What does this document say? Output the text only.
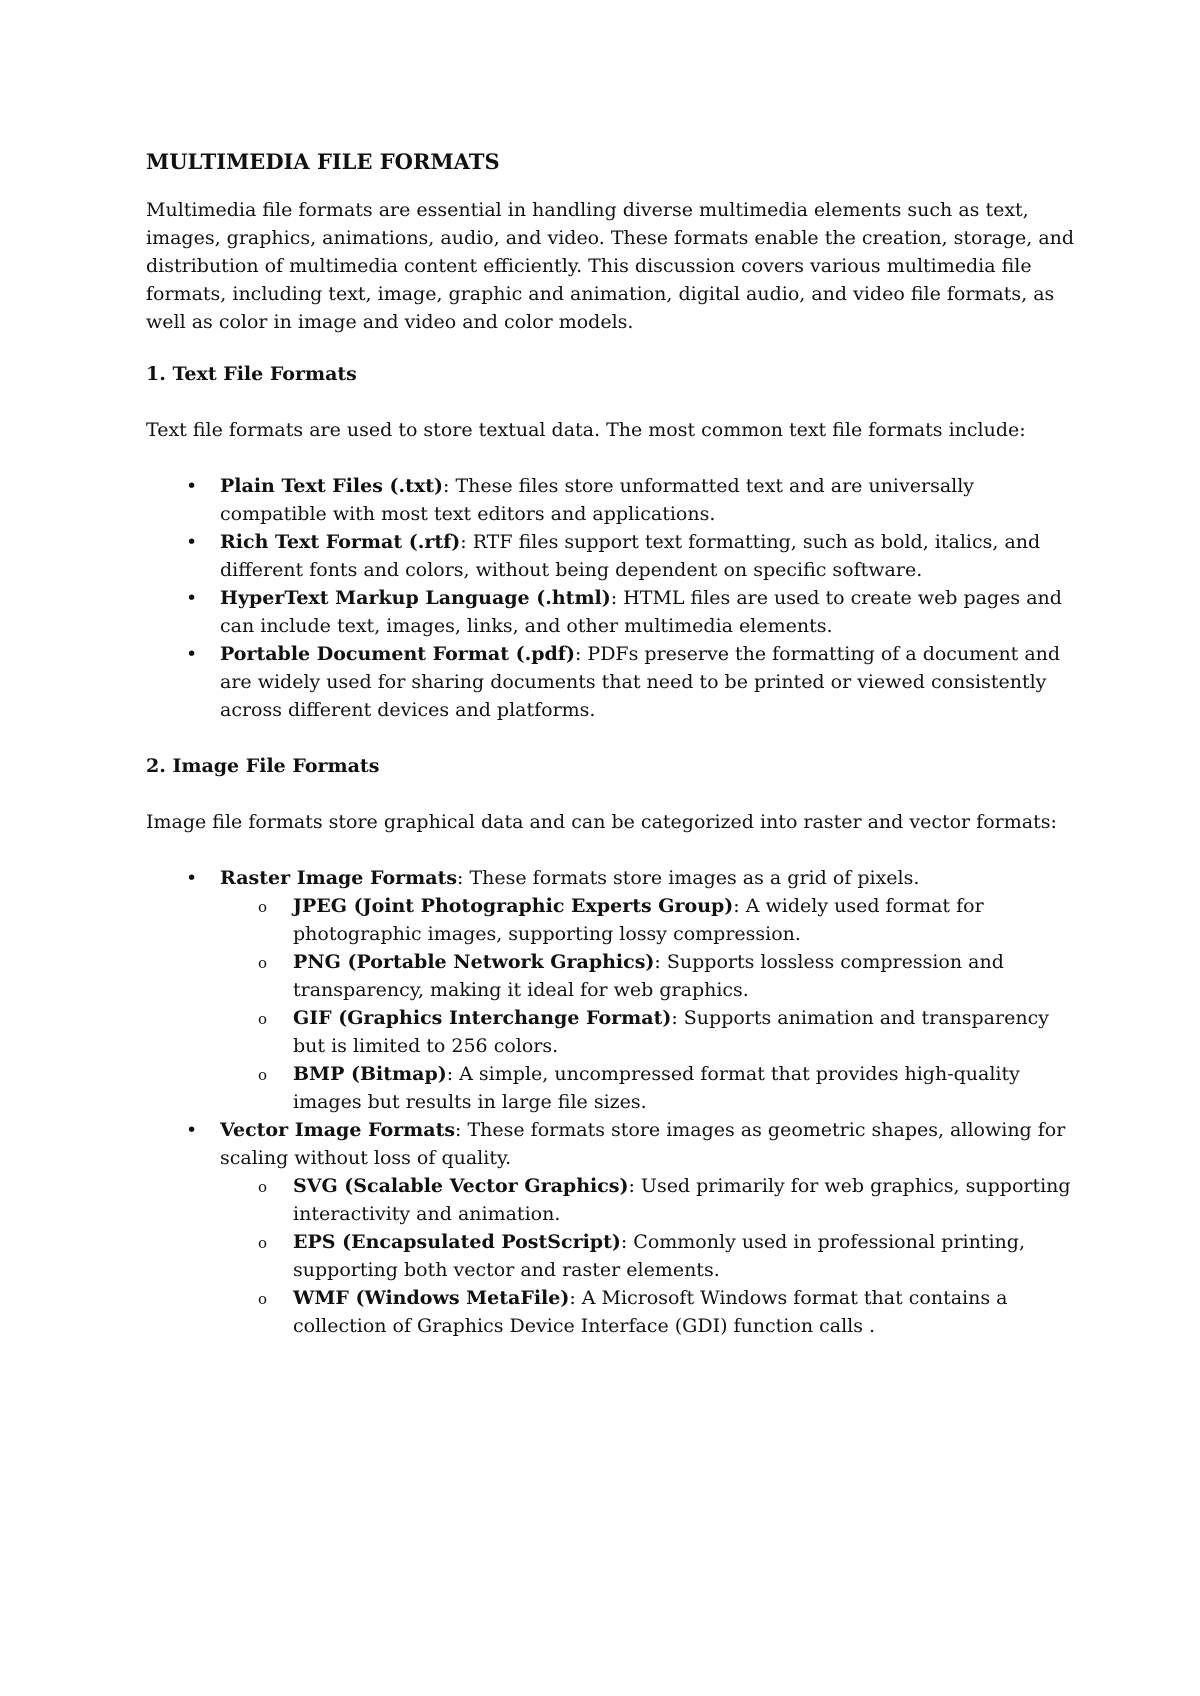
MULTIMEDIA FILE FORMATS

Multimedia file formats are essential in handling diverse multimedia elements such as text, images, graphics, animations, audio, and video. These formats enable the creation, storage, and distribution of multimedia content efficiently. This discussion covers various multimedia file formats, including text, image, graphic and animation, digital audio, and video file formats, as well as color in image and video and color models.

1. Text File Formats

Text file formats are used to store textual data. The most common text file formats include:

• Plain Text Files (.txt): These files store unformatted text and are universally compatible with most text editors and applications.
• Rich Text Format (.rtf): RTF files support text formatting, such as bold, italics, and different fonts and colors, without being dependent on specific software.
• HyperText Markup Language (.html): HTML files are used to create web pages and can include text, images, links, and other multimedia elements.
• Portable Document Format (.pdf): PDFs preserve the formatting of a document and are widely used for sharing documents that need to be printed or viewed consistently across different devices and platforms.
2. Image File Formats

Image file formats store graphical data and can be categorized into raster and vector formats:

• Raster Image Formats: These formats store images as a grid of pixels.
o JPEG (Joint Photographic Experts Group): A widely used format for photographic images, supporting lossy compression.
o PNG (Portable Network Graphics): Supports lossless compression and transparency, making it ideal for web graphics.
o GIF (Graphics Interchange Format): Supports animation and transparency but is limited to 256 colors.
o BMP (Bitmap): A simple, uncompressed format that provides high-quality images but results in large file sizes.
• Vector Image Formats: These formats store images as geometric shapes, allowing for scaling without loss of quality.
o SVG (Scalable Vector Graphics): Used primarily for web graphics, supporting interactivity and animation.
o EPS (Encapsulated PostScript): Commonly used in professional printing, supporting both vector and raster elements.
o WMF (Windows MetaFile): A Microsoft Windows format that contains a collection of Graphics Device Interface (GDI) function calls .
